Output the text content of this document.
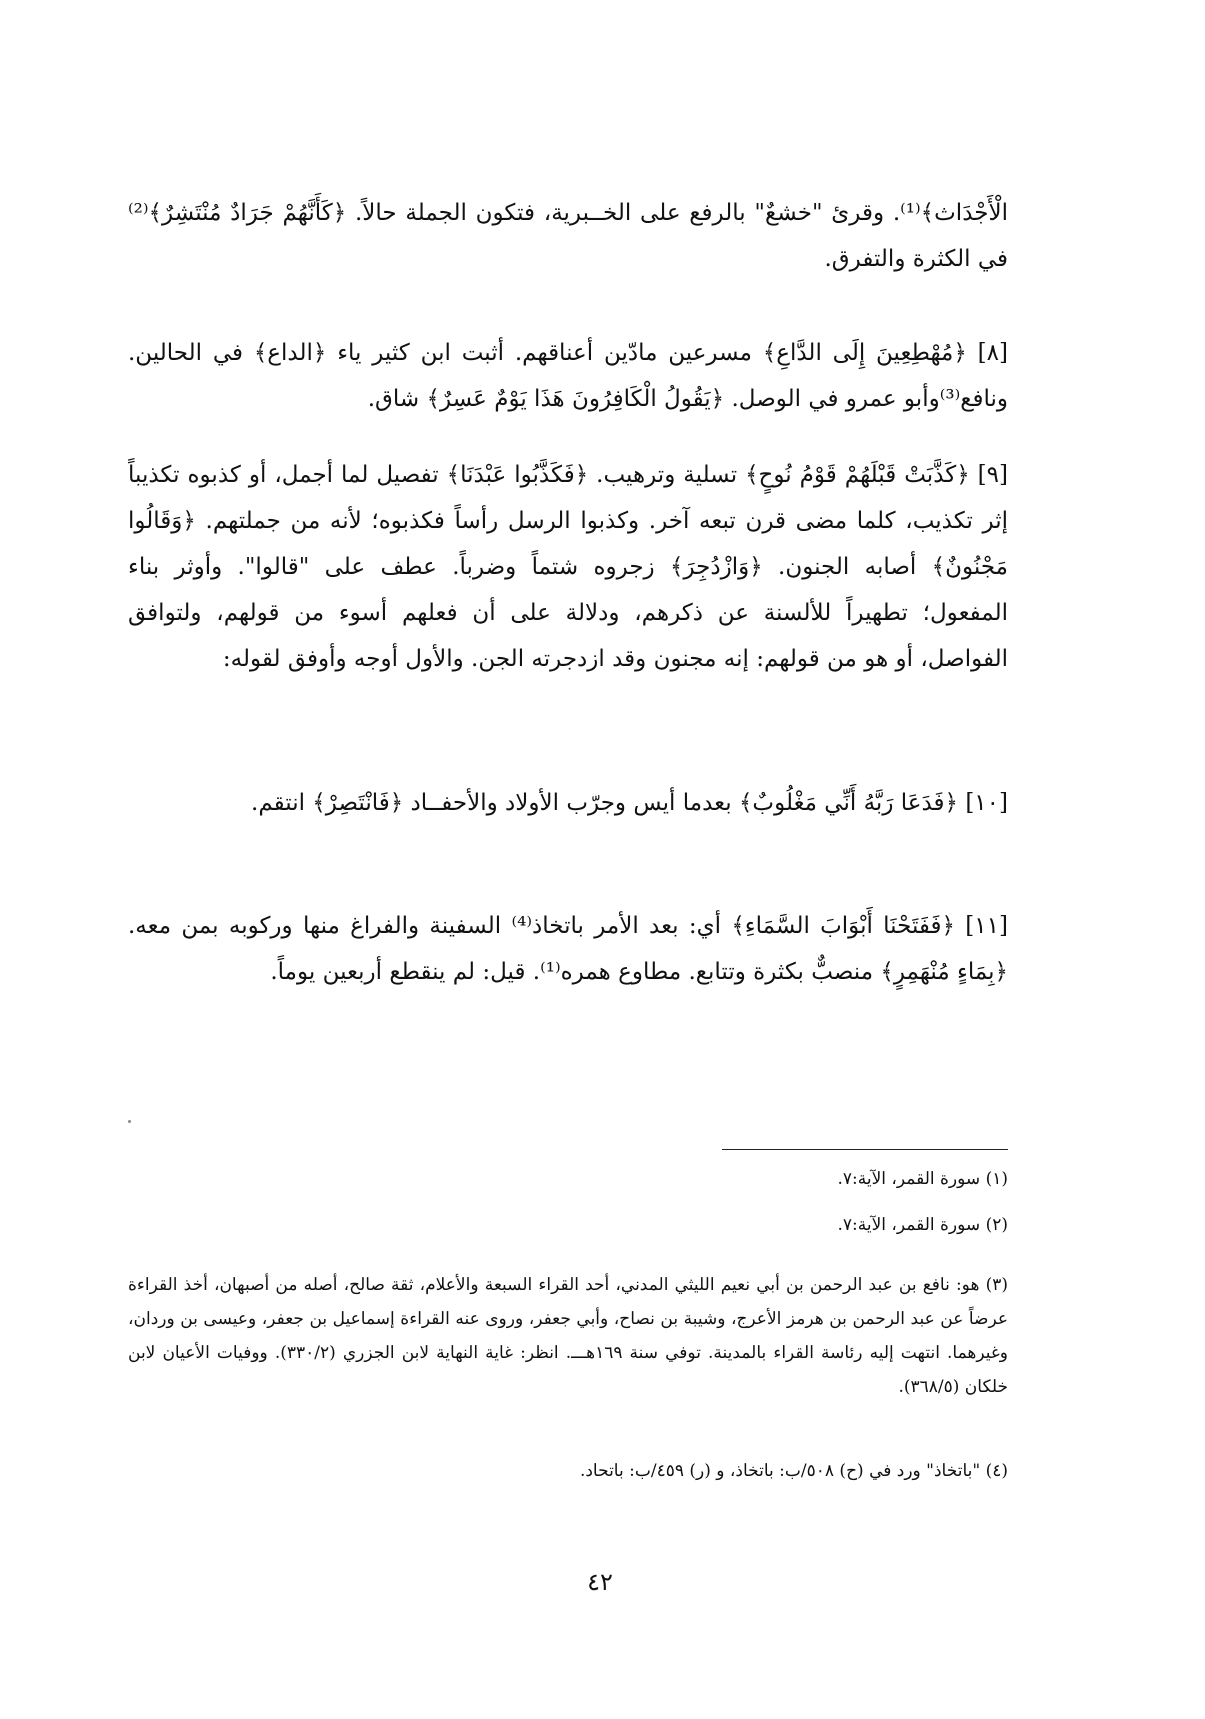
الْأَجْدَاث﴾⁽¹⁾. وقرئ "خشعٌ" بالرفع على الخــبرية، فتكون الجملة حالاً. ﴿كَأَنَّهُمْ جَرَادٌ مُنْتَشِرٌ﴾⁽²⁾ في الكثرة والتفرق.

[٨] ﴿مُهْطِعِينَ إِلَى الدَّاعِ﴾ مسرعين مادّين أعناقهم. أثبت ابن كثير ياء ﴿الداع﴾ في الحالين. ونافع⁽³⁾وأبو عمرو في الوصل. ﴿يَقُولُ الْكَافِرُونَ هَذَا يَوْمٌ عَسِرٌ﴾ شاق.

[٩] ﴿كَذَّبَتْ قَبْلَهُمْ قَوْمُ نُوحٍ﴾ تسلية وترهيب. ﴿فَكَذَّبُوا عَبْدَنَا﴾ تفصيل لما أجمل، أو كذبوه تكذيباً إثر تكذيب، كلما مضى قرن تبعه آخر. وكذبوا الرسل رأساً فكذبوه؛ لأنه من جملتهم. ﴿وَقَالُوا مَجْنُونٌ﴾ أصابه الجنون. ﴿وَازْدُجِرَ﴾ زجروه شتماً وضرباً. عطف على "قالوا". وأوثر بناء المفعول؛ تطهيراً للألسنة عن ذكرهم، ودلالة على أن فعلهم أسوء من قولهم، ولتوافق الفواصل، أو هو من قولهم: إنه مجنون وقد ازدجرته الجن. والأول أوجه وأوفق لقوله:

[١٠] ﴿فَدَعَا رَبَّهُ أَنِّي مَغْلُوبٌ﴾ بعدما أيس وجرّب الأولاد والأحفــاد ﴿فَانْتَصِرْ﴾ انتقم.

[١١] ﴿فَفَتَحْنَا أَبْوَابَ السَّمَاءِ﴾ أي: بعد الأمر باتخاذ⁽⁴⁾ السفينة والفراغ منها وركوبه بمن معه. ﴿بِمَاءٍ مُنْهَمِرٍ﴾ منصبٌّ بكثرة وتتابع. مطاوع همره⁽¹⁾. قيل: لم ينقطع أربعين يوماً.

(١) سورة القمر، الآية:٧.

(٢) سورة القمر، الآية:٧.

(٣) هو: نافع بن عبد الرحمن بن أبي نعيم الليثي المدني، أحد القراء السبعة والأعلام، ثقة صالح، أصله من أصبهان، أخذ القراءة عرضاً عن عبد الرحمن بن هرمز الأعرج، وشيبة بن نصاح، وأبي جعفر، وروى عنه القراءة إسماعيل بن جعفر، وعيسى بن وردان، وغيرهما. انتهت إليه رئاسة القراء بالمدينة. توفي سنة ١٦٩هـــ. انظر: غاية النهاية لابن الجزري (٣٣٠/٢). ووفيات الأعيان لابن خلكان (٣٦٨/٥).

(٤) "باتخاذ" ورد في (ح) ٥٠٨/ب: باتخاذ، و (ر) ٤٥٩/ب: باتحاد.

٤٢
